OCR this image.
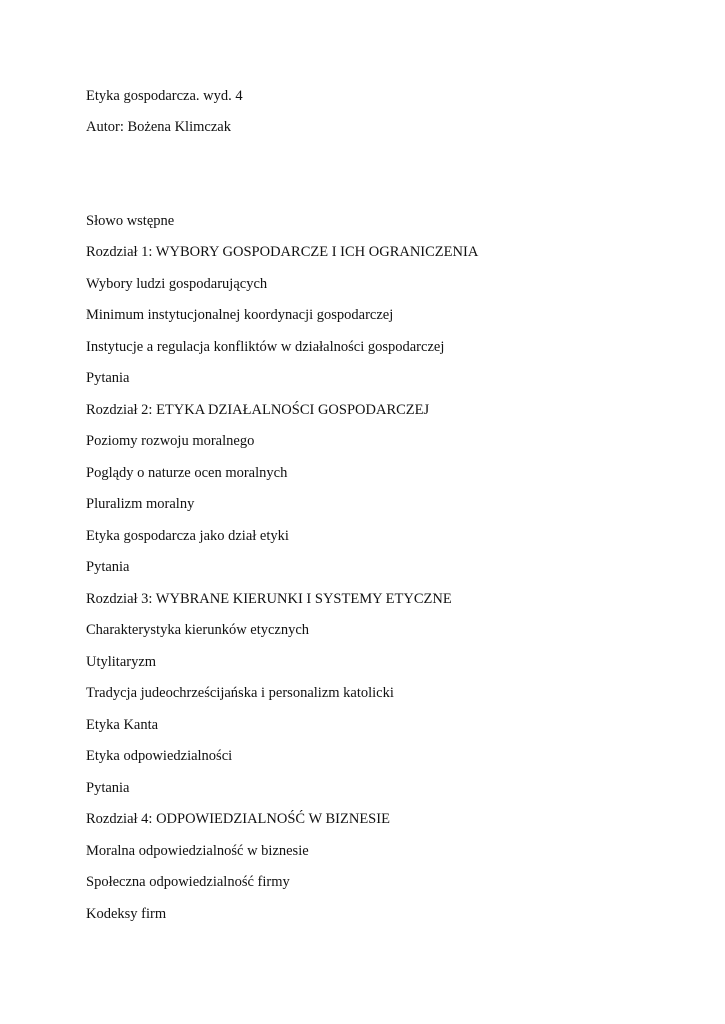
Etyka gospodarcza. wyd. 4
Autor: Bożena Klimczak
Słowo wstępne
Rozdział 1: WYBORY GOSPODARCZE I ICH OGRANICZENIA
Wybory ludzi gospodarujących
Minimum instytucjonalnej koordynacji gospodarczej
Instytucje a regulacja konfliktów w działalności gospodarczej
Pytania
Rozdział 2: ETYKA DZIAŁALNOŚCI GOSPODARCZEJ
Poziomy rozwoju moralnego
Poglądy o naturze ocen moralnych
Pluralizm moralny
Etyka gospodarcza jako dział etyki
Pytania
Rozdział 3: WYBRANE KIERUNKI I SYSTEMY ETYCZNE
Charakterystyka kierunków etycznych
Utylitaryzm
Tradycja judeochrześcijańska i personalizm katolicki
Etyka Kanta
Etyka odpowiedzialności
Pytania
Rozdział 4: ODPOWIEDZIALNOŚĆ W BIZNESIE
Moralna odpowiedzialność w biznesie
Społeczna odpowiedzialność firmy
Kodeksy firm
